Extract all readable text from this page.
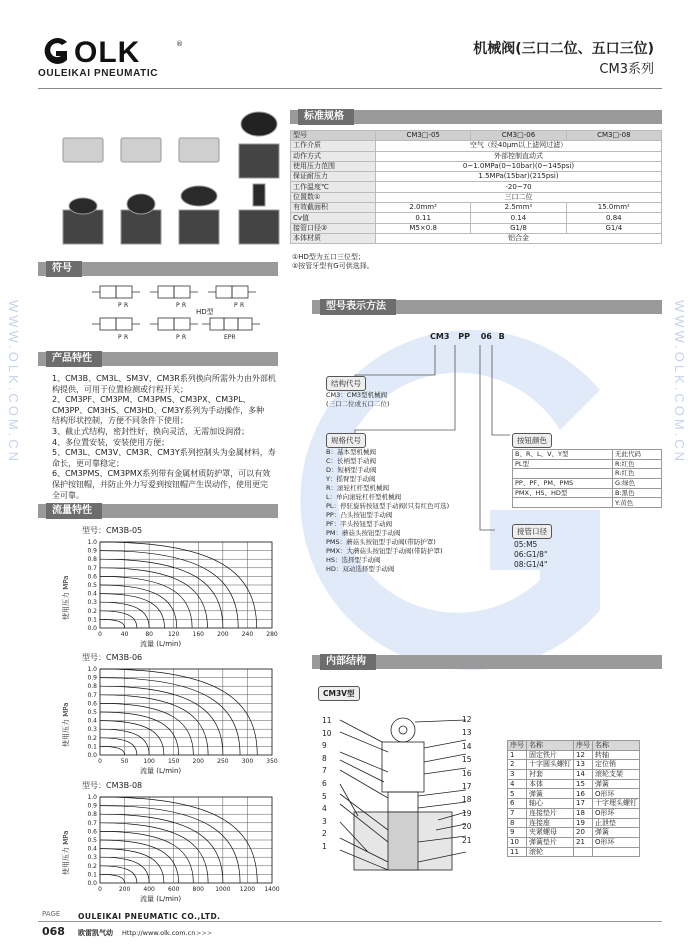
WWW.OLK.COM.CN	WWW.OLK.COM.CN
OLK	®
OULEIKAI PNEUMATIC
机械阀(三口二位、五口三位)
CM3系列
标准规格
型号	CM3□-05	CM3□-06	CM3□-08
工作介质	空气（经40μm以上滤网过滤）		
动作方式	外部控制直动式		
使用压力范围	0~1.0MPa(0~10bar)(0~145psi)		
保证耐压力	1.5MPa(15bar)(215psi)		
工作温度℃	-20~70		
位置数①	三口二位		
有效截面积	2.0mm²	2.5mm²	15.0mm²
Cv值	0.11	0.14	0.84
接管口径②	M5×0.8	G1/8	G1/4
本体材质	铝合金		
①HD型为五口三位型；
②按管牙型有G可供选择。
符号
P R	P R	P R
P R	P R	EPR
HD型
产品特性
1、CM3B、CM3L、SM3V、CM3R系列换向所需外力由外部机
构提供，可用于位置检测或行程开关；
2、CM3PF、CM3PM、CM3PMS、CM3PX、CM3PL、
CM3PP、CM3HS、CM3HD、CM3Y系列为手动操作，多种
结构形状控制，方便不同条件下使用；
3、截止式结构，密封性好，换向灵活，无需加设润滑；
4、多位置安装，安装使用方便；
5、CM3L、CM3V、CM3R、CM3Y系列控制头为金属材料，寿
命长，更可靠稳定；
6、CM3PMS、CM3PMX系列带有金属材质防护罩，可以有效
保护按钮帽，并防止外力写爱到按钮帽产生误动作，使用更完
全可靠。
流量特性
型号：CM3B-05
0.0
0.1
0.2
0.3
0.4
0.5
0.6
0.7
0.8
0.9
1.0
0	40	80	120 160 200 240 280
流量 (L/min)
使用压力 MPa
型号：CM3B-06
0.0
0.1
0.2
0.3
0.4
0.5
0.6
0.7
0.8
0.9
1.0
0	50	100 150 200 250 300 350
流量 (L/min)
使用压力 MPa
型号：CM3B-08
0.0
0.1
0.2
0.3
0.4
0.5
0.6
0.7
0.8
0.9
1.0
0	200 400 600 800 1000 1200 1400
流量 (L/min)
使用压力 MPa
型号表示方法
CM3 PP 06 B
结构代号
CM3：CM3型机械阀
(三口二位或五口二位)
规格代号
B：基本型机械阀
C：长柄型手动阀
D：短柄型手动阀
Y：摇臂型手动阀
R：滚轮杠杆型机械阀
L：单向滚轮杠杆型机械阀
PL：停驻旋转按钮型手动阀(只有红色可选)
PP：凸头按钮型手动阀
PF：平头按钮型手动阀
PM：蘑菇头按钮型手动阀
PMS：蘑菇头按钮型手动阀(带防护罩)
PMX：大蘑菇头按钮型手动阀(带防护罩)
HS：选择型手动阀
HD：双动选择型手动阀
按钮颜色
B、R、L、V、Y型	无此代码
PL型	R:红色
	R:红色
PP、PF、PM、PMS	G:绿色
PMX、HS、HD型	B:黑色
	Y:黄色
接管口径
05:M5
06:G1/8"
08:G1/4"
内部结构
CM3V型
11
10
9
8
7
6
5
4
3
2
1
12
13
14
15
16
17
18
19
20
21
序号	名称	序号	名称
1	固定铁片	12	转轴
2	十字圆头螺钉	13	定位销
3	衬套	14	滚轮支架
4	本体	15	弹簧
5	弹簧	16	O形环
6	轴心	17	十字埋头螺钉
7	连接垫片	18	O形环
8	连接座	19	止泄垫
9	夹紧螺母	20	弹簧
10	弹簧垫片	21	O形环
11	滚轮		
PAGE
068
OULEIKAI PNEUMATIC CO.,LTD.
欧雷凯气动 Http://www.olk.com.cn >>>
